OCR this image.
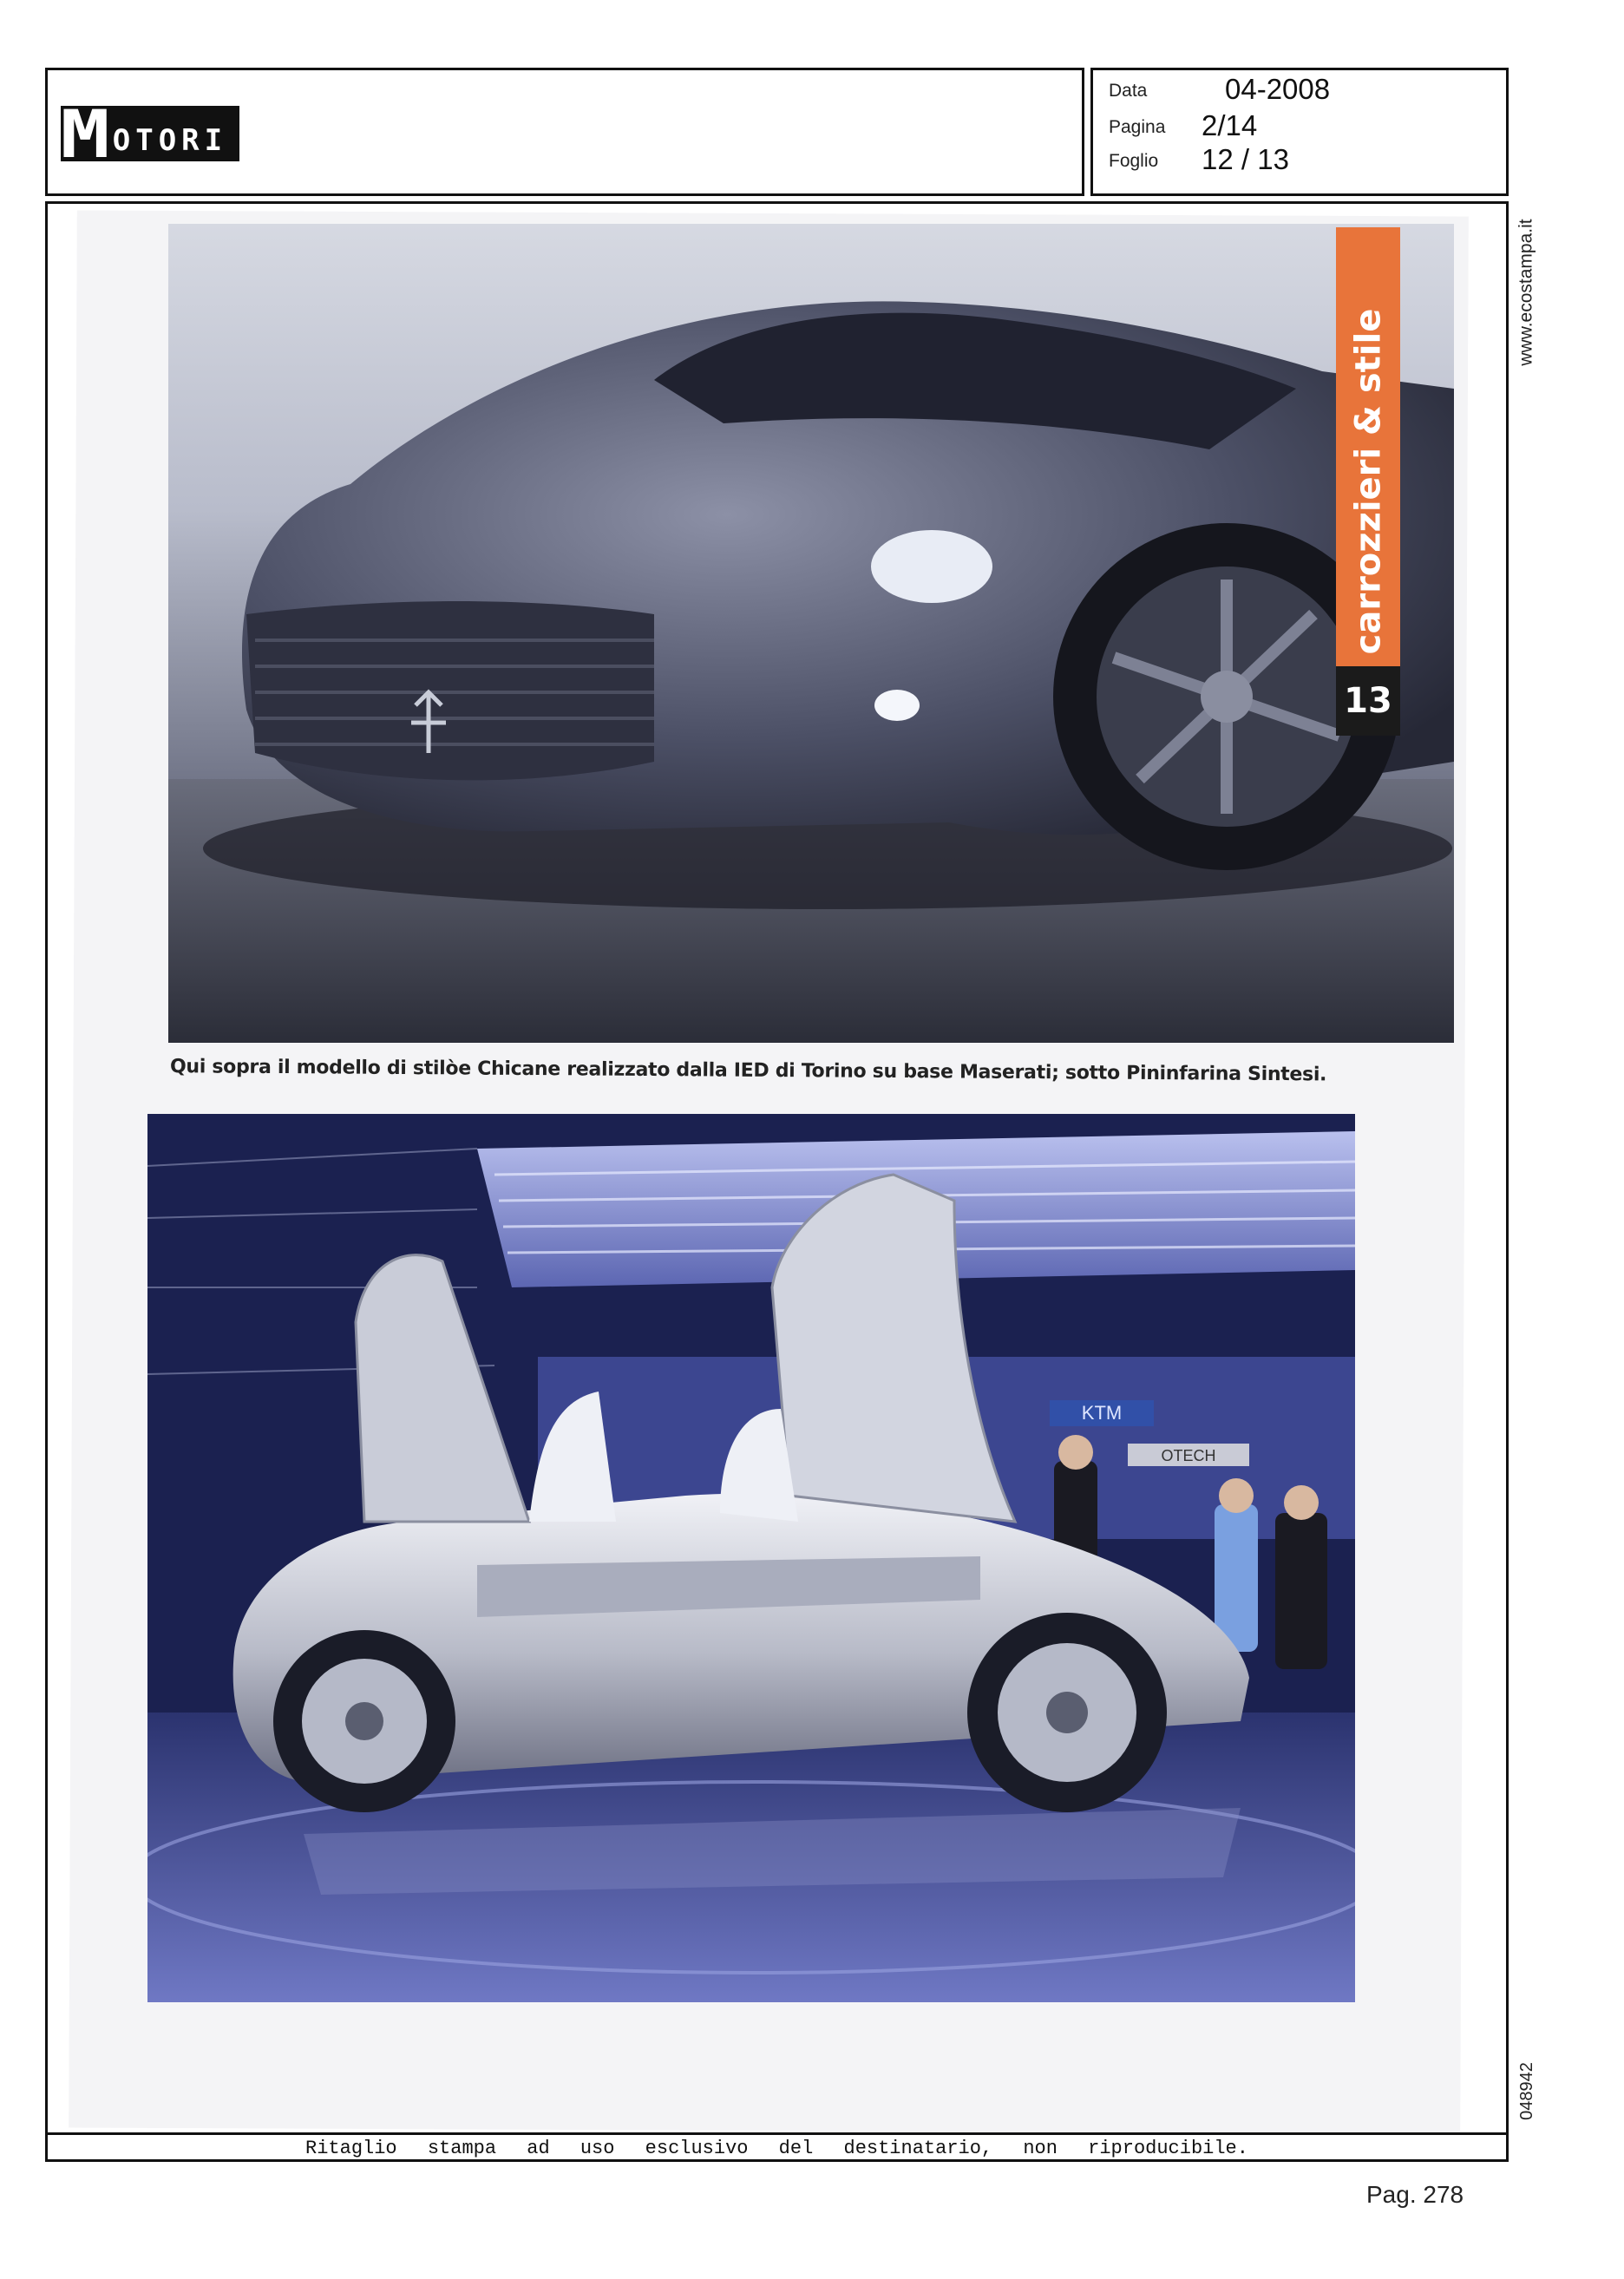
M
OTORI
Data	04-2008
Pagina 2/14
Foglio 12 / 13
www.ecostampa.it
048942
carrozzieri & stile
13
Qui sopra il modello di stilòe Chicane realizzato dalla IED di Torino su base Maserati; sotto Pininfarina Sintesi.
KTM
OTECH
Ritaglio stampa ad uso esclusivo del destinatario, non riproducibile.
Pag. 278
